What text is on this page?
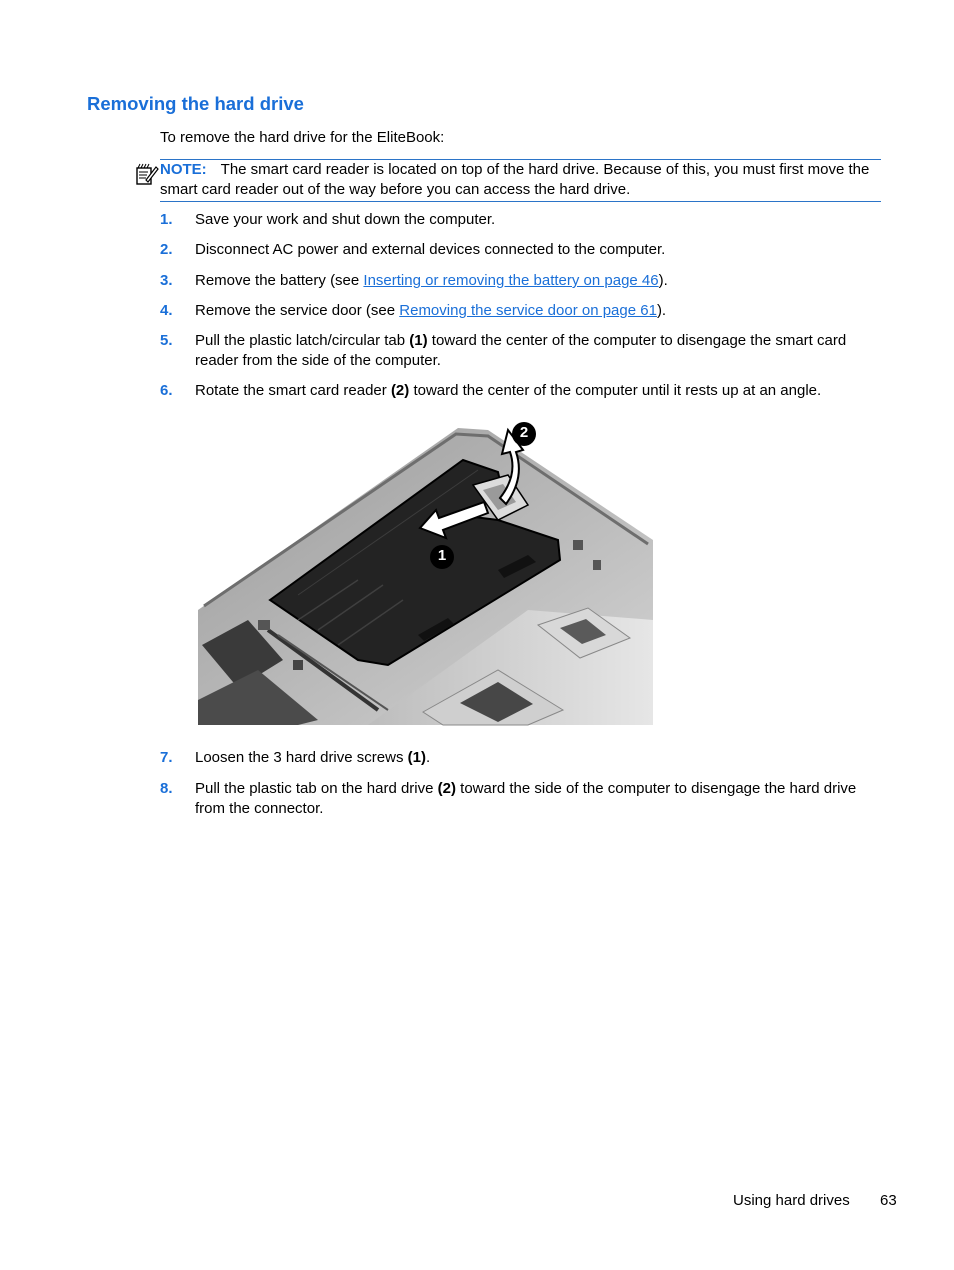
Removing the hard drive
To remove the hard drive for the EliteBook:
NOTE: The smart card reader is located on top of the hard drive. Because of this, you must first move the smart card reader out of the way before you can access the hard drive.
1. Save your work and shut down the computer.
2. Disconnect AC power and external devices connected to the computer.
3. Remove the battery (see Inserting or removing the battery on page 46).
4. Remove the service door (see Removing the service door on page 61).
5. Pull the plastic latch/circular tab (1) toward the center of the computer to disengage the smart card reader from the side of the computer.
6. Rotate the smart card reader (2) toward the center of the computer until it rests up at an angle.
1
2
7. Loosen the 3 hard drive screws (1).
8. Pull the plastic tab on the hard drive (2) toward the side of the computer to disengage the hard drive from the connector.
Using hard drives 63
